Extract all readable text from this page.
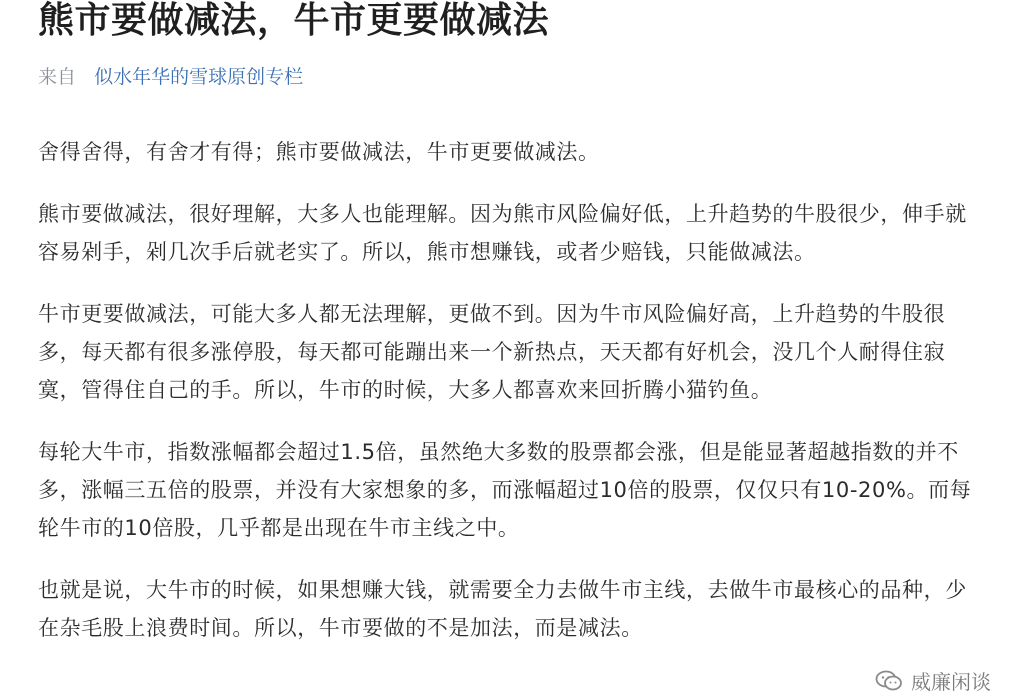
熊市要做减法，牛市更要做减法
来自 似水年华的雪球原创专栏

舍得舍得，有舍才有得；熊市要做减法，牛市更要做减法。

熊市要做减法，很好理解，大多人也能理解。因为熊市风险偏好低，上升趋势的牛股很少，伸手就容易剁手，剁几次手后就老实了。所以，熊市想赚钱，或者少赔钱，只能做减法。

牛市更要做减法，可能大多人都无法理解，更做不到。因为牛市风险偏好高，上升趋势的牛股很多，每天都有很多涨停股，每天都可能蹦出来一个新热点，天天都有好机会，没几个人耐得住寂寞，管得住自己的手。所以，牛市的时候，大多人都喜欢来回折腾小猫钓鱼。

每轮大牛市，指数涨幅都会超过1.5倍，虽然绝大多数的股票都会涨，但是能显著超越指数的并不多，涨幅三五倍的股票，并没有大家想象的多，而涨幅超过10倍的股票，仅仅只有10-20%。而每轮牛市的10倍股，几乎都是出现在牛市主线之中。

也就是说，大牛市的时候，如果想赚大钱，就需要全力去做牛市主线，去做牛市最核心的品种，少在杂毛股上浪费时间。所以，牛市要做的不是加法，而是减法。

威廉闲谈
